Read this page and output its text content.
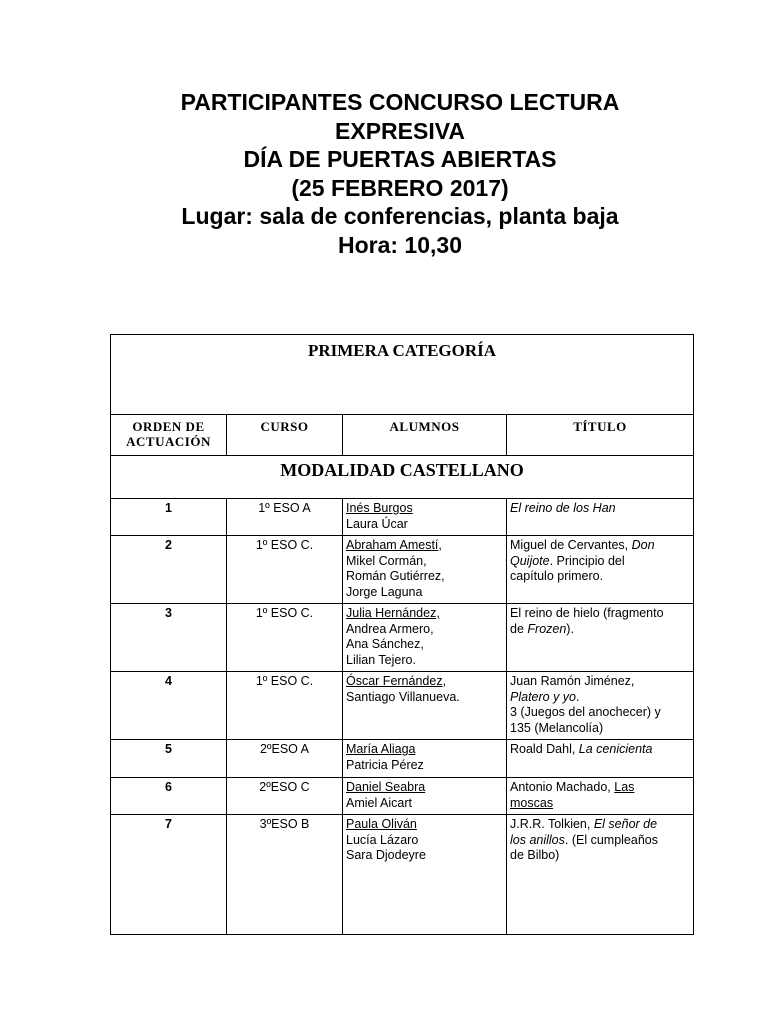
PARTICIPANTES CONCURSO LECTURA
EXPRESIVA
DÍA DE PUERTAS ABIERTAS
(25 FEBRERO 2017)
Lugar: sala de conferencias, planta baja
Hora: 10,30
PRIMERA CATEGORÍA			

ORDEN DE
ACTUACIÓN	CURSO	ALUMNOS	TÍTULO
MODALIDAD CASTELLANO			
1	1º ESO A	Inés Burgos
Laura Úcar	El reino de los Han

2	1º ESO C.	Abraham Amestí,
Mikel Cormán,
Román Gutiérrez,
Jorge Laguna	Miguel de Cervantes, Don
Quijote. Principio del
capítulo primero.

3	1º ESO C.	Julia Hernández,
Andrea Armero,
Ana Sánchez,
Lilian Tejero.	El reino de hielo (fragmento
de Frozen).

4	1º ESO C.	Óscar Fernández,
Santiago Villanueva.	Juan Ramón Jiménez,
Platero y yo.
3 (Juegos del anochecer) y
135 (Melancolía)

5	2ºESO A	María Aliaga
Patricia Pérez	Roald Dahl, La cenicienta

6	2ºESO C	Daniel Seabra
Amiel Aicart	Antonio Machado, Las
moscas

7	3ºESO B	Paula Oliván
Lucía Lázaro
Sara Djodeyre	J.R.R. Tolkien, El señor de
los anillos. (El cumpleaños
de Bilbo)
